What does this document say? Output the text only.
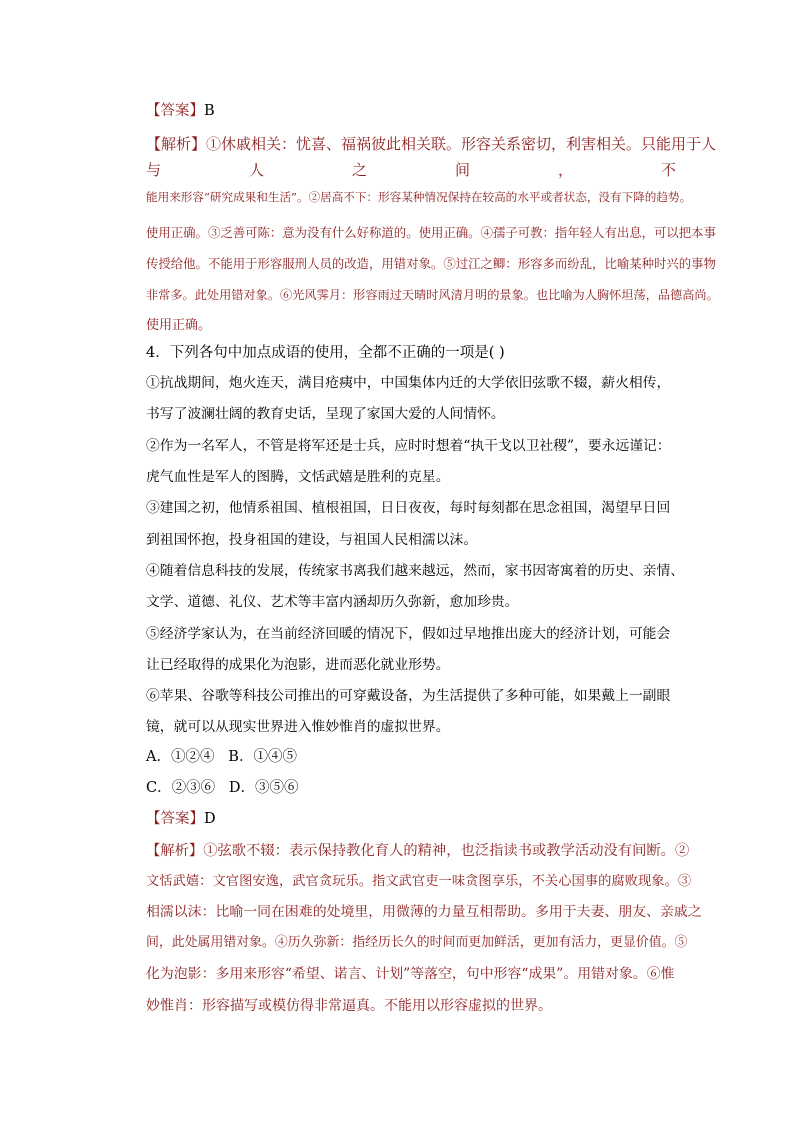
【答案】B
【解析】①休戚相关：忧喜、福祸彼此相关联。形容关系密切，利害相关。只能用于人
与	人	之	间	，	不
能用来形容“研究成果和生活”。②居高不下：形容某种情况保持在较高的水平或者状态，没有下降的趋势。
使用正确。③乏善可陈：意为没有什么好称道的。使用正确。④孺子可教：指年轻人有出息，可以把本事
传授给他。不能用于形容服刑人员的改造，用错对象。⑤过江之鲫：形容多而纷乱，比喻某种时兴的事物
非常多。此处用错对象。⑥光风霁月：形容雨过天晴时风清月明的景象。也比喻为人胸怀坦荡，品德高尚。
使用正确。
4．下列各句中加点成语的使用，全都不正确的一项是( )
①抗战期间，炮火连天，满目疮痍中，中国集体内迁的大学依旧弦歌不辍，薪火相传，
书写了波澜壮阔的教育史话，呈现了家国大爱的人间情怀。
②作为一名军人，不管是将军还是士兵，应时时想着“执干戈以卫社稷”，要永远谨记：
虎气血性是军人的图腾，文恬武嬉是胜利的克星。
③建国之初，他情系祖国、植根祖国，日日夜夜，每时每刻都在思念祖国，渴望早日回
到祖国怀抱，投身祖国的建设，与祖国人民相濡以沫。
④随着信息科技的发展，传统家书离我们越来越远，然而，家书因寄寓着的历史、亲情、
文学、道德、礼仪、艺术等丰富内涵却历久弥新，愈加珍贵。
⑤经济学家认为，在当前经济回暖的情况下，假如过早地推出庞大的经济计划，可能会
让已经取得的成果化为泡影，进而恶化就业形势。
⑥苹果、谷歌等科技公司推出的可穿戴设备，为生活提供了多种可能，如果戴上一副眼
镜，就可以从现实世界进入惟妙惟肖的虚拟世界。
A．①②④   B．①④⑤
C．②③⑥   D．③⑤⑥
【答案】D
【解析】①弦歌不辍：表示保持教化育人的精神，也泛指读书或教学活动没有间断。②
文恬武嬉：文官图安逸，武官贪玩乐。指文武官吏一味贪图享乐，不关心国事的腐败现象。③
相濡以沫：比喻一同在困难的处境里，用微薄的力量互相帮助。多用于夫妻、朋友、亲戚之
间，此处属用错对象。④历久弥新：指经历长久的时间而更加鲜活，更加有活力，更显价值。⑤
化为泡影：多用来形容“希望、诺言、计划”等落空，句中形容“成果”。用错对象。⑥惟
妙惟肖：形容描写或模仿得非常逼真。不能用以形容虚拟的世界。
